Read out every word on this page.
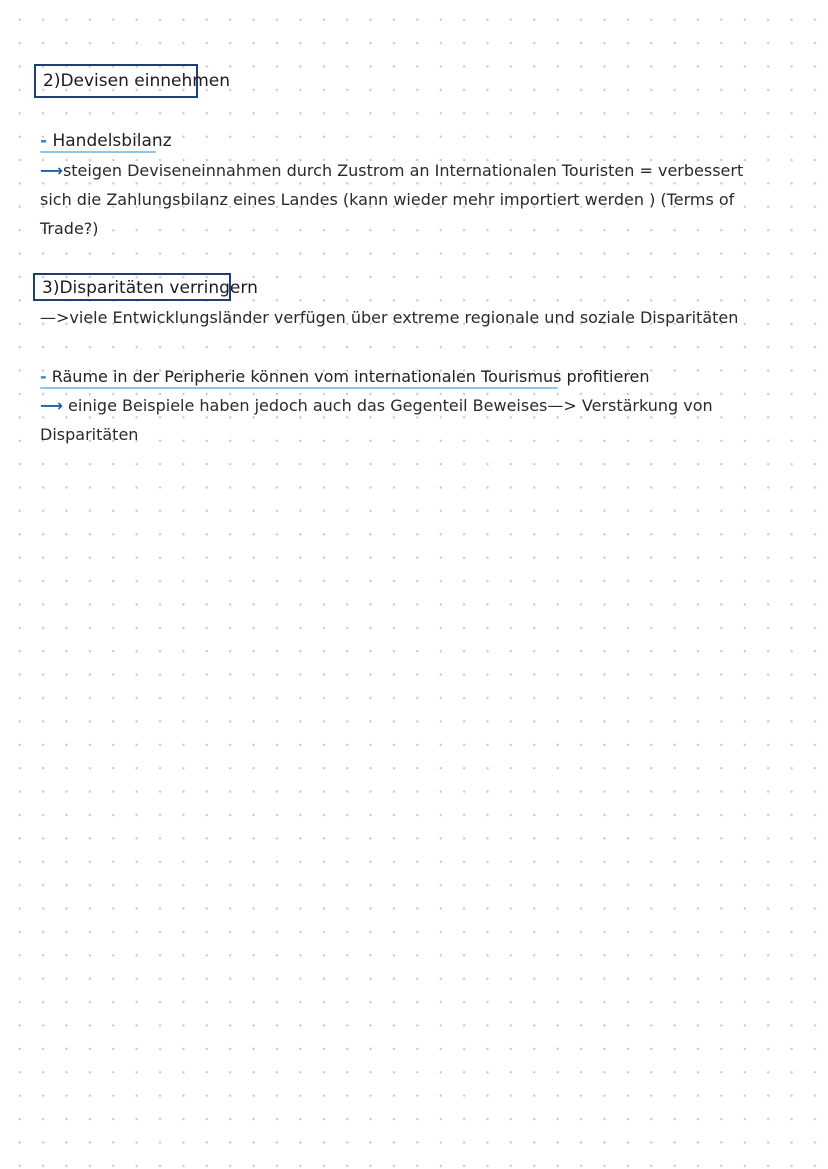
2)Devisen einnehmen
- Handelsbilanz
⟶steigen Deviseneinnahmen durch Zustrom an Internationalen Touristen = verbessert
sich die Zahlungsbilanz eines Landes (kann wieder mehr importiert werden ) (Terms of
Trade?)
3)Disparitäten verringern
—>viele Entwicklungsländer verfügen über extreme regionale und soziale Disparitäten
- Räume in der Peripherie können vom internationalen Tourismus profitieren
⟶ einige Beispiele haben jedoch auch das Gegenteil Beweises—> Verstärkung von
Disparitäten
